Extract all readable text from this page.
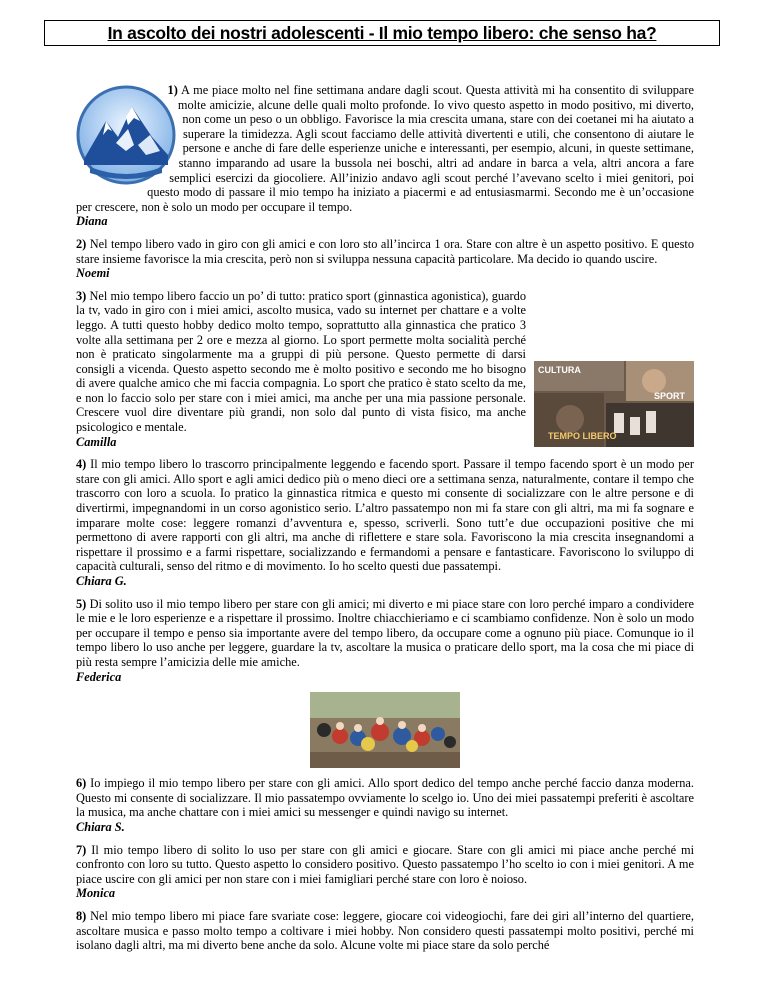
In ascolto dei nostri adolescenti - Il mio tempo libero: che senso ha?

1) A me piace molto nel fine settimana andare dagli scout. Questa attività mi ha consentito di sviluppare molte amicizie, alcune delle quali molto profonde. Io vivo questo aspetto in modo positivo, mi diverto, non come un peso o un obbligo. Favorisce la mia crescita umana, stare con dei coetanei mi ha aiutato a superare la timidezza. Agli scout facciamo delle attività divertenti e utili, che consentono di aiutare le persone e anche di fare delle esperienze uniche e interessanti, per esempio, alcuni, in queste settimane, stanno imparando ad usare la bussola nei boschi, altri ad andare in barca a vela, altri ancora a fare semplici esercizi da giocoliere. All’inizio andavo agli scout perché l’avevano scelto i miei genitori, poi questo modo di passare il mio tempo ha iniziato a piacermi e ad entusiasmarmi. Secondo me è un’occasione per crescere, non è solo un modo per occupare il tempo.

Diana

2) Nel tempo libero vado in giro con gli amici e con loro sto all’incirca 1 ora. Stare con altre è un aspetto positivo. E questo stare insieme favorisce la mia crescita, però non si sviluppa nessuna capacità particolare. Ma decido io quando uscire.

Noemi
CULTURA
SPORT
TEMPO LIBERO

3) Nel mio tempo libero faccio un po’ di tutto: pratico sport (ginnastica agonistica), guardo la tv, vado in giro con i miei amici, ascolto musica, vado su internet per chattare e a volte leggo. A tutti questo hobby dedico molto tempo, soprattutto alla ginnastica che pratico 3 volte alla settimana per 2 ore e mezza al giorno. Lo sport permette molta socialità perché non è praticato singolarmente ma a gruppi di più persone. Questo permette di darsi consigli a vicenda. Questo aspetto secondo me è molto positivo e secondo me ho bisogno di avere qualche amico che mi faccia compagnia. Lo sport che pratico è stato scelto da me, e non lo faccio solo per stare con i miei amici, ma anche per una mia passione personale. Crescere vuol dire diventare più grandi, non solo dal punto di vista fisico, ma anche psicologico e mentale.

Camilla

4) Il mio tempo libero lo trascorro principalmente leggendo e facendo sport. Passare il tempo facendo sport è un modo per stare con gli amici. Allo sport e agli amici dedico più o meno dieci ore a settimana senza, naturalmente, contare il tempo che trascorro con loro a scuola. Io pratico la ginnastica ritmica e questo mi consente di socializzare con le altre persone e di divertirmi, impegnandomi in un corso agonistico serio. L’altro passatempo non mi fa stare con gli altri, ma mi fa sognare e imparare molte cose: leggere romanzi d’avventura e, spesso, scriverli. Sono tutt’e due occupazioni positive che mi permettono di avere rapporti con gli altri, ma anche di riflettere e stare sola. Favoriscono la mia crescita insegnandomi a rispettare il prossimo e a farmi rispettare, socializzando e fermandomi a pensare e fantasticare. Favoriscono lo sviluppo di capacità culturali, senso del ritmo e di movimento. Io ho scelto questi due passatempi.

Chiara G.

5) Di solito uso il mio tempo libero per stare con gli amici; mi diverto e mi piace stare con loro perché imparo a condividere le mie e le loro esperienze e a rispettare il prossimo. Inoltre chiacchieriamo e ci scambiamo confidenze. Non è solo un modo per occupare il tempo e penso sia importante avere del tempo libero, da occupare come a ognuno più piace. Comunque io il tempo libero lo uso anche per leggere, guardare la tv, ascoltare la musica o praticare dello sport, ma la cosa che mi piace di più resta sempre l’amicizia delle mie amiche.

Federica

6) Io impiego il mio tempo libero per stare con gli amici. Allo sport dedico del tempo anche perché faccio danza moderna. Questo mi consente di socializzare. Il mio passatempo ovviamente lo scelgo io. Uno dei miei passatempi preferiti è ascoltare la musica, ma anche chattare con i miei amici su messenger e quindi navigo su internet.

Chiara S.

7) Il mio tempo libero di solito lo uso per stare con gli amici e giocare. Stare con gli amici mi piace anche perché mi confronto con loro su tutto. Questo aspetto lo considero positivo. Questo passatempo l’ho scelto io con i miei genitori. A me piace uscire con gli amici per non stare con i miei famigliari perché stare con loro è noioso.

Monica

8) Nel mio tempo libero mi piace fare svariate cose: leggere, giocare coi videogiochi, fare dei giri all’interno del quartiere, ascoltare musica e passo molto tempo a coltivare i miei hobby. Non considero questi passatempi molto positivi, perché mi isolano dagli altri, ma mi diverto bene anche da solo. Alcune volte mi piace stare da solo perché
